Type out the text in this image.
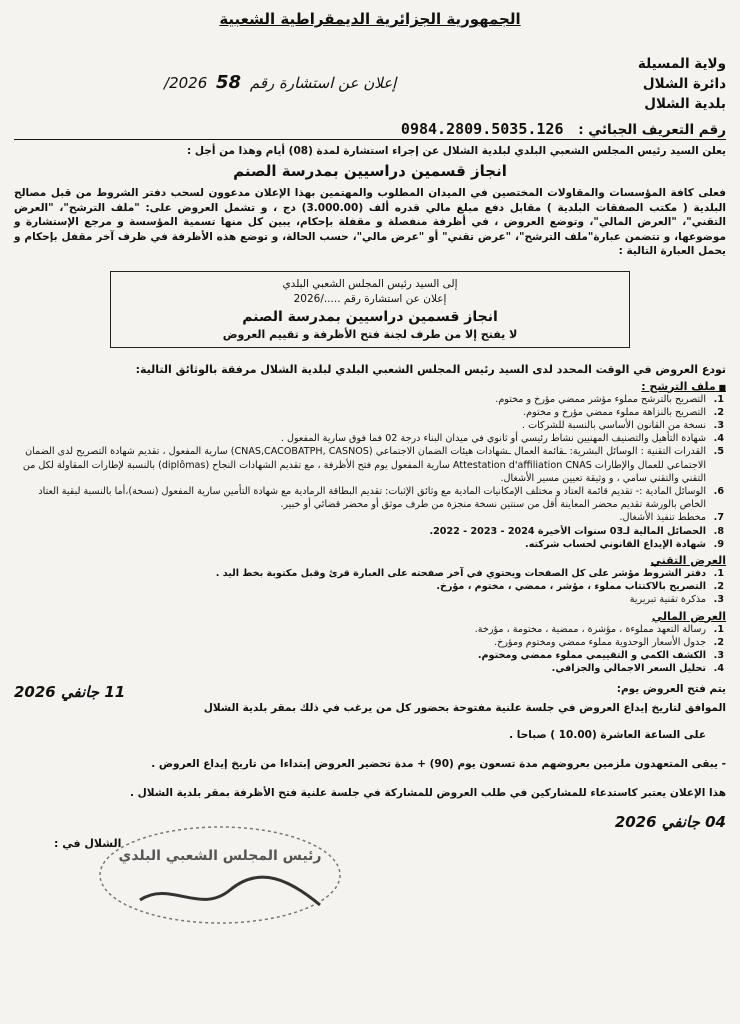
الجمهورية الجزائرية الديمقراطية الشعبية
ولاية المسيلة
دائرة الشلال
بلدية الشلال
إعلان عن استشارة رقم 58 2026/
رقم التعريف الجبائي : 0984.2809.5035.126

يعلن السيد رئيس المجلس الشعبي البلدي لبلدية الشلال عن إجراء استشارة لمدة (08) أيام وهذا من أجل :

انجاز قسمين دراسيين بمدرسة الصنم

فعلى كافة المؤسسات والمقاولات المختصين في الميدان المطلوب والمهتمين بهذا الإعلان مدعوون لسحب دفتر الشروط من قبل مصالح البلدية ( مكتب الصفقات البلدية ) مقابل دفع مبلغ مالي قدره ألف (3.000.00) دج ، و تشمل العروض على: "ملف الترشح"، "العرض التقني"، "العرض المالي"، وتوضع العروض ، في أظرفة منفصلة و مقفلة بإحكام، يبين كل منها تسمية المؤسسة و مرجع الإستشارة و موضوعها، و تتضمن عبارة"ملف الترشح"، "عرض تقني" أو "عرض مالي"، حسب الحالة، و توضع هذه الأظرفة في ظرف آخر مقفل بإحكام و يحمل العبارة التالية :

إلى السيد رئيس المجلس الشعبي البلدي
إعلان عن استشارة رقم ...../2026
انجاز قسمين دراسيين بمدرسة الصنم
لا يفتح إلا من طرف لجنة فتح الأظرفة و تقييم العروض
تودع العروض في الوقت المحدد لدى السيد رئيس المجلس الشعبي البلدي لبلدية الشلال مرفقة بالوثائق التالية:
■ ملف الترشح :
1.
التصريح بالترشح مملوء مؤشر ممضي مؤرخ و مختوم.
2.
التصريح بالنزاهة مملوء ممضي مؤرخ و مختوم.
3.
نسخة من القانون الأساسي بالنسبة للشركات .
4.
شهادة التأهيل والتصنيف المهنيين نشاط رئيسي أو ثانوي في ميدان البناء درجة 02 فما فوق سارية المفعول .
5.
القدرات التقنية : الوسائل البشرية: ـقائمة العمال ـشهادات هيئات الضمان الاجتماعي (CNAS,CACOBATPH, CASNOS) سارية المفعول ، تقديم شهادة التصريح لدى الضمان الاجتماعي للعمال والإطارات Attestation d'affiliation CNAS سارية المفعول يوم فتح الأظرفة ، مع تقديم الشهادات النجاح (diplômas) بالنسبة لإطارات المقاولة لكل من التقني والتقني سامي ، و وثيقة تعيين مسير الأشغال.
6.
الوسائل المادية :- تقديم قائمة العتاد و مختلف الإمكانيات المادية مع وثائق الإثبات: تقديم البطاقة الرمادية مع شهادة التأمين سارية المفعول (نسخة)،أما بالنسبة لبقية العتاد الخاص بالورشة تقديم محضر المعاينة أقل من سنتين نسخة منجزة من طرف موثق أو محضر قضائي أو خبير.
7.
مخطط تنفيذ الأشغال.
8.
الحصائل المالية لـ03 سنوات الأخيرة 2024 - 2023 - 2022.
9.
شهادة الإيداع القانوني لحساب شركته.
العرض التقني
1.
دفتر الشروط مؤشر على كل الصفحات ويحتوي في آخر صفحته على العبارة قرئ وقبل مكتوبة بخط اليد .
2.
التصريح بالاكتتاب مملوء ، مؤشر ، ممضي ، مختوم ، مؤرخ.
3.
مذكرة تقنية تبريرية
العرض المالي
1.
رسالة التعهد مملوءة ، مؤشرة ، ممضية ، مختومة ، مؤرخة.
2.
جدول الأسعار الوحدوية مملوء ممضي ومختوم ومؤرخ.
3.
الكشف الكمي و التقييمي مملوء ممضي ومختوم.
4.
تحليل السعر الاجمالي والجزافي.
يتم فتح العروض يوم:
11 جانفي 2026
الموافق لتاريخ إيداع العروض في جلسة علنية مفتوحة بحضور كل من يرغب في ذلك بمقر بلدية الشلال
على الساعة العاشرة (10.00 ) صباحا .
- يبقى المتعهدون ملزمين بعروضهم مدة تسعون يوم (90) + مدة تحضير العروض إبتداءا من تاريخ إيداع العروض .
هذا الإعلان يعتبر كاستدعاء للمشاركين في طلب العروض للمشاركة في جلسة علنية فتح الأظرفة بمقر بلدية الشلال .
04 جانفي 2026
الشلال في :
رئيس المجلس الشعبي البلدي
